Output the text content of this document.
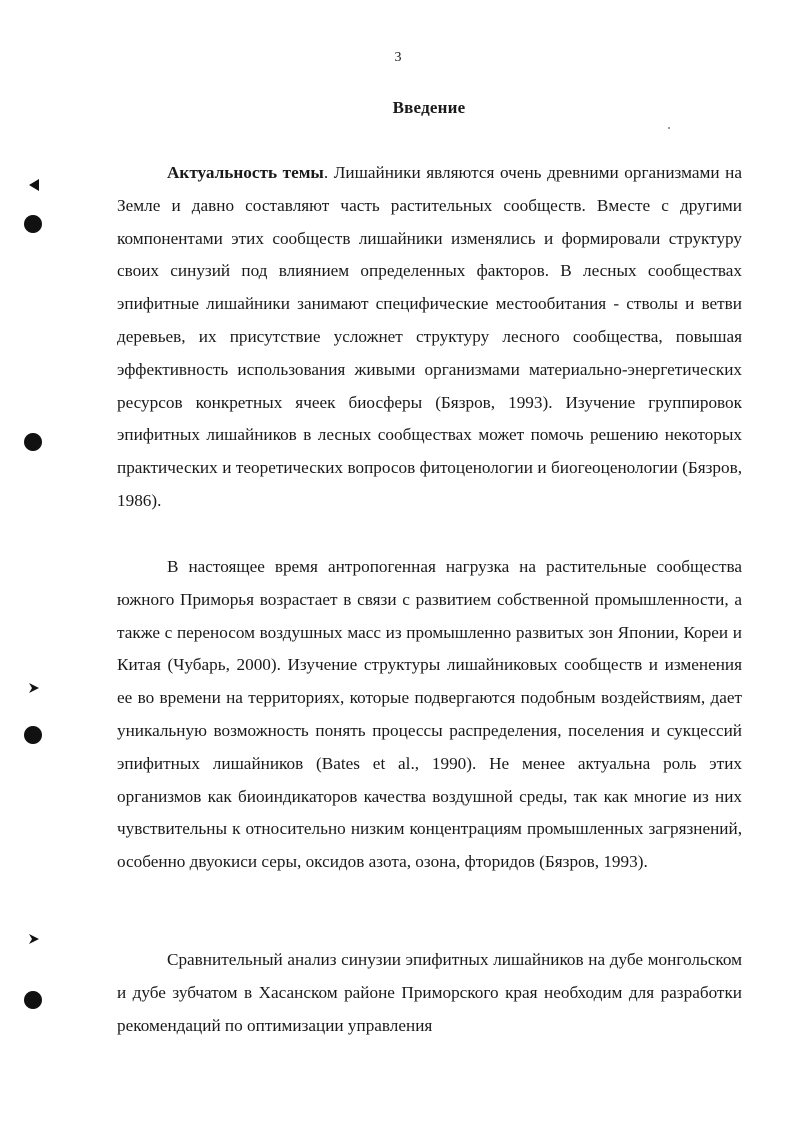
3
Введение

Актуальность темы. Лишайники являются очень древними организмами на Земле и давно составляют часть растительных сообществ. Вместе с другими компонентами этих сообществ лишайники изменялись и формировали структуру своих синузий под влиянием определенных факторов. В лесных сообществах эпифитные лишайники занимают специфические местообитания - стволы и ветви деревьев, их присутствие усложнет структуру лесного сообщества, повышая эффективность использования живыми организмами материально-энергетических ресурсов конкретных ячеек биосферы (Бязров, 1993). Изучение группировок эпифитных лишайников в лесных сообществах может помочь решению некоторых практических и теоретических вопросов фитоценологии и биогеоценологии (Бязров, 1986).

В настоящее время антропогенная нагрузка на растительные сообщества южного Приморья возрастает в связи с развитием собственной промышленности, а также с переносом воздушных масс из промышленно развитых зон Японии, Кореи и Китая (Чубарь, 2000). Изучение структуры лишайниковых сообществ и изменения ее во времени на территориях, которые подвергаются подобным воздействиям, дает уникальную возможность понять процессы распределения, поселения и сукцессий эпифитных лишайников (Bates et al., 1990). Не менее актуальна роль этих организмов как биоиндикаторов качества воздушной среды, так как многие из них чувствительны к относительно низким концентрациям промышленных загрязнений, особенно двуокиси серы, оксидов азота, озона, фторидов (Бязров, 1993).

Сравнительный анализ синузии эпифитных лишайников на дубе монгольском и дубе зубчатом в Хасанском районе Приморского края необходим для разработки рекомендаций по оптимизации управления
